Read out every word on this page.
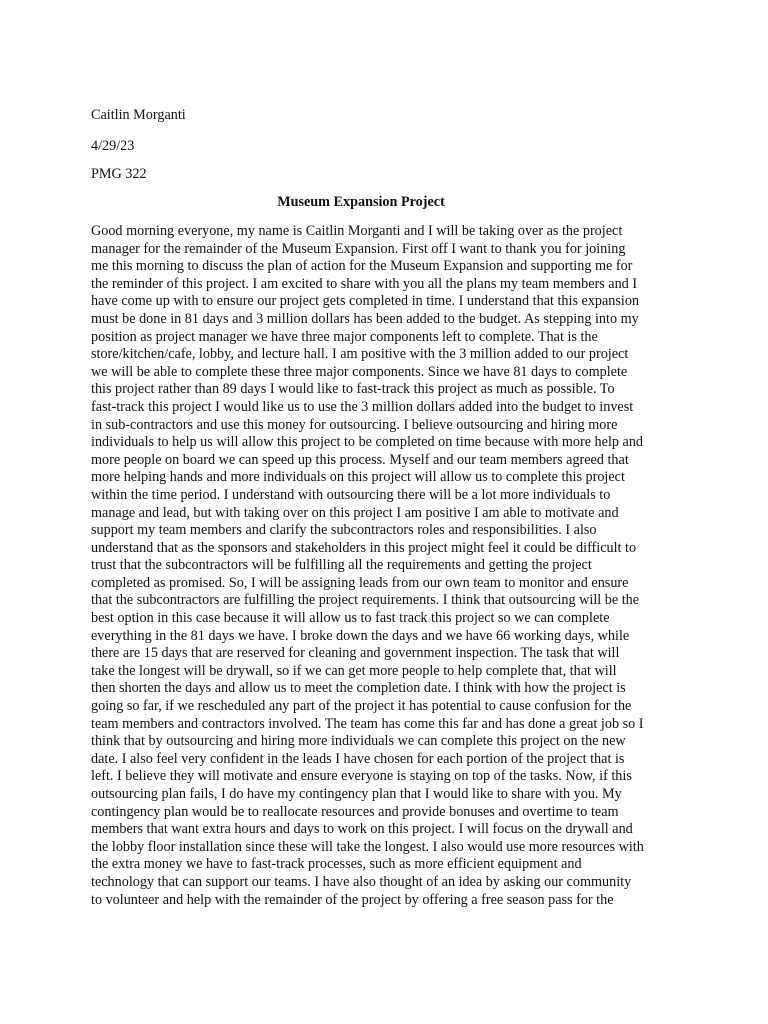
Caitlin Morganti
4/29/23
PMG 322
Museum Expansion Project
Good morning everyone, my name is Caitlin Morganti and I will be taking over as the project
manager for the remainder of the Museum Expansion. First off I want to thank you for joining
me this morning to discuss the plan of action for the Museum Expansion and supporting me for
the reminder of this project. I am excited to share with you all the plans my team members and I
have come up with to ensure our project gets completed in time. I understand that this expansion
must be done in 81 days and 3 million dollars has been added to the budget. As stepping into my
position as project manager we have three major components left to complete. That is the
store/kitchen/cafe, lobby, and lecture hall. I am positive with the 3 million added to our project
we will be able to complete these three major components. Since we have 81 days to complete
this project rather than 89 days I would like to fast-track this project as much as possible. To
fast-track this project I would like us to use the 3 million dollars added into the budget to invest
in sub-contractors and use this money for outsourcing. I believe outsourcing and hiring more
individuals to help us will allow this project to be completed on time because with more help and
more people on board we can speed up this process. Myself and our team members agreed that
more helping hands and more individuals on this project will allow us to complete this project
within the time period. I understand with outsourcing there will be a lot more individuals to
manage and lead, but with taking over on this project I am positive I am able to motivate and
support my team members and clarify the subcontractors roles and responsibilities. I also
understand that as the sponsors and stakeholders in this project might feel it could be difficult to
trust that the subcontractors will be fulfilling all the requirements and getting the project
completed as promised. So, I will be assigning leads from our own team to monitor and ensure
that the subcontractors are fulfilling the project requirements. I think that outsourcing will be the
best option in this case because it will allow us to fast track this project so we can complete
everything in the 81 days we have. I broke down the days and we have 66 working days, while
there are 15 days that are reserved for cleaning and government inspection. The task that will
take the longest will be drywall, so if we can get more people to help complete that, that will
then shorten the days and allow us to meet the completion date. I think with how the project is
going so far, if we rescheduled any part of the project it has potential to cause confusion for the
team members and contractors involved. The team has come this far and has done a great job so I
think that by outsourcing and hiring more individuals we can complete this project on the new
date. I also feel very confident in the leads I have chosen for each portion of the project that is
left. I believe they will motivate and ensure everyone is staying on top of the tasks. Now, if this
outsourcing plan fails, I do have my contingency plan that I would like to share with you. My
contingency plan would be to reallocate resources and provide bonuses and overtime to team
members that want extra hours and days to work on this project. I will focus on the drywall and
the lobby floor installation since these will take the longest. I also would use more resources with
the extra money we have to fast-track processes, such as more efficient equipment and
technology that can support our teams. I have also thought of an idea by asking our community
to volunteer and help with the remainder of the project by offering a free season pass for the
